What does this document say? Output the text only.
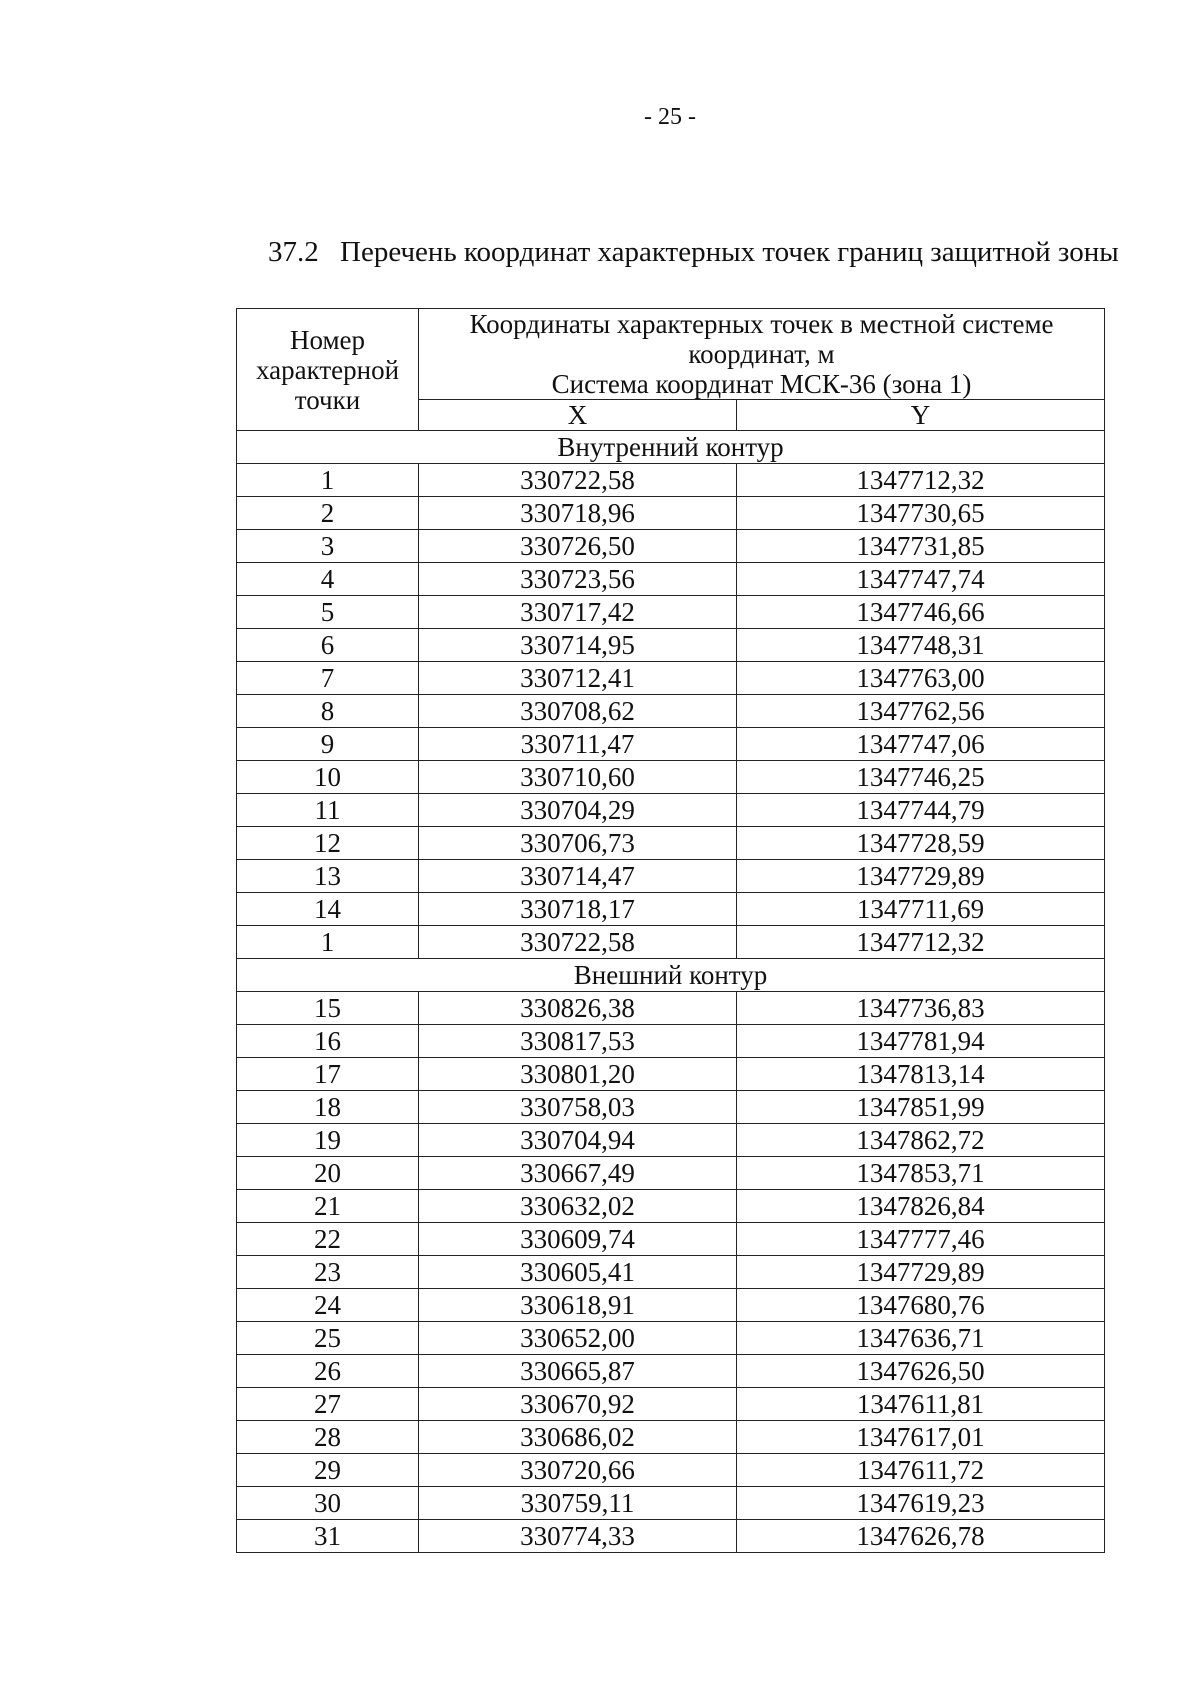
- 25 -
37.2 Перечень координат характерных точек границ защитной зоны
Номер
характерной
точки	Координаты характерных точек в местной системе
координат, м
Система координат МСК-36 (зона 1)	
	X	Y
Внутренний контур		
1	330722,58	1347712,32
2	330718,96	1347730,65
3	330726,50	1347731,85
4	330723,56	1347747,74
5	330717,42	1347746,66
6	330714,95	1347748,31
7	330712,41	1347763,00
8	330708,62	1347762,56
9	330711,47	1347747,06
10	330710,60	1347746,25
11	330704,29	1347744,79
12	330706,73	1347728,59
13	330714,47	1347729,89
14	330718,17	1347711,69
1	330722,58	1347712,32
Внешний контур		
15	330826,38	1347736,83
16	330817,53	1347781,94
17	330801,20	1347813,14
18	330758,03	1347851,99
19	330704,94	1347862,72
20	330667,49	1347853,71
21	330632,02	1347826,84
22	330609,74	1347777,46
23	330605,41	1347729,89
24	330618,91	1347680,76
25	330652,00	1347636,71
26	330665,87	1347626,50
27	330670,92	1347611,81
28	330686,02	1347617,01
29	330720,66	1347611,72
30	330759,11	1347619,23
31	330774,33	1347626,78
